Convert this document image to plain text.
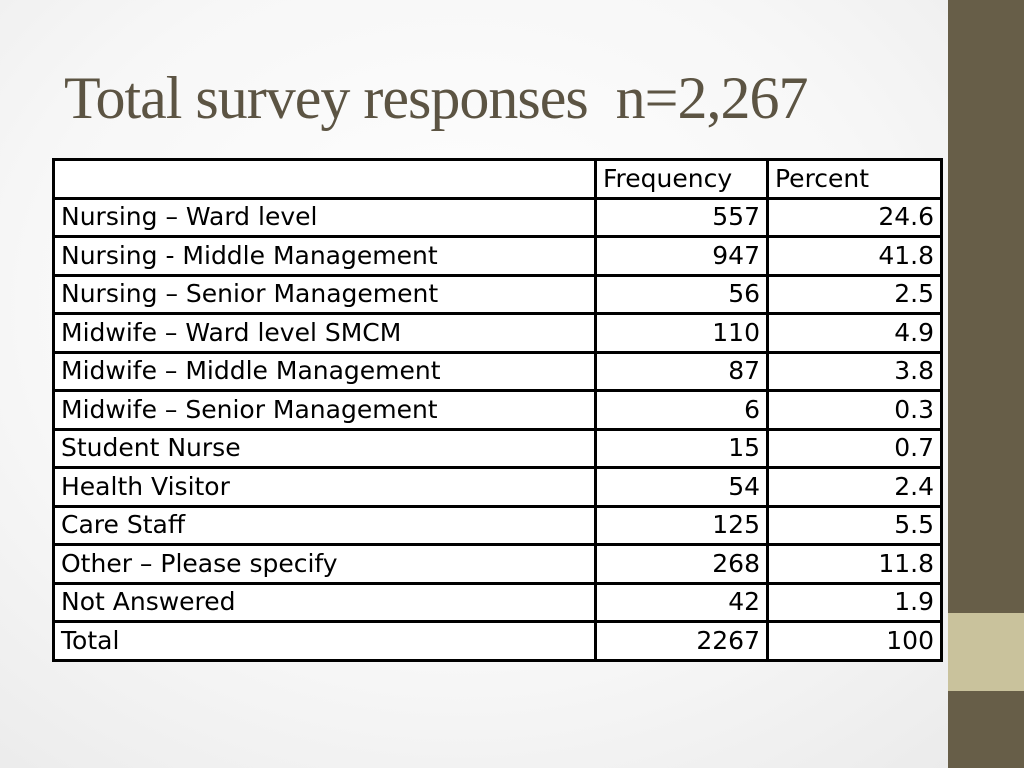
Total survey responses  n=2,267
	Frequency	Percent
Nursing – Ward level	557	24.6
Nursing - Middle Management	947	41.8
Nursing – Senior Management	56	2.5
Midwife – Ward level SMCM	110	4.9
Midwife – Middle Management	87	3.8
Midwife – Senior Management	6	0.3
Student Nurse	15	0.7
Health Visitor	54	2.4
Care Staff	125	5.5
Other – Please specify	268	11.8
Not Answered	42	1.9
Total	2267	100
